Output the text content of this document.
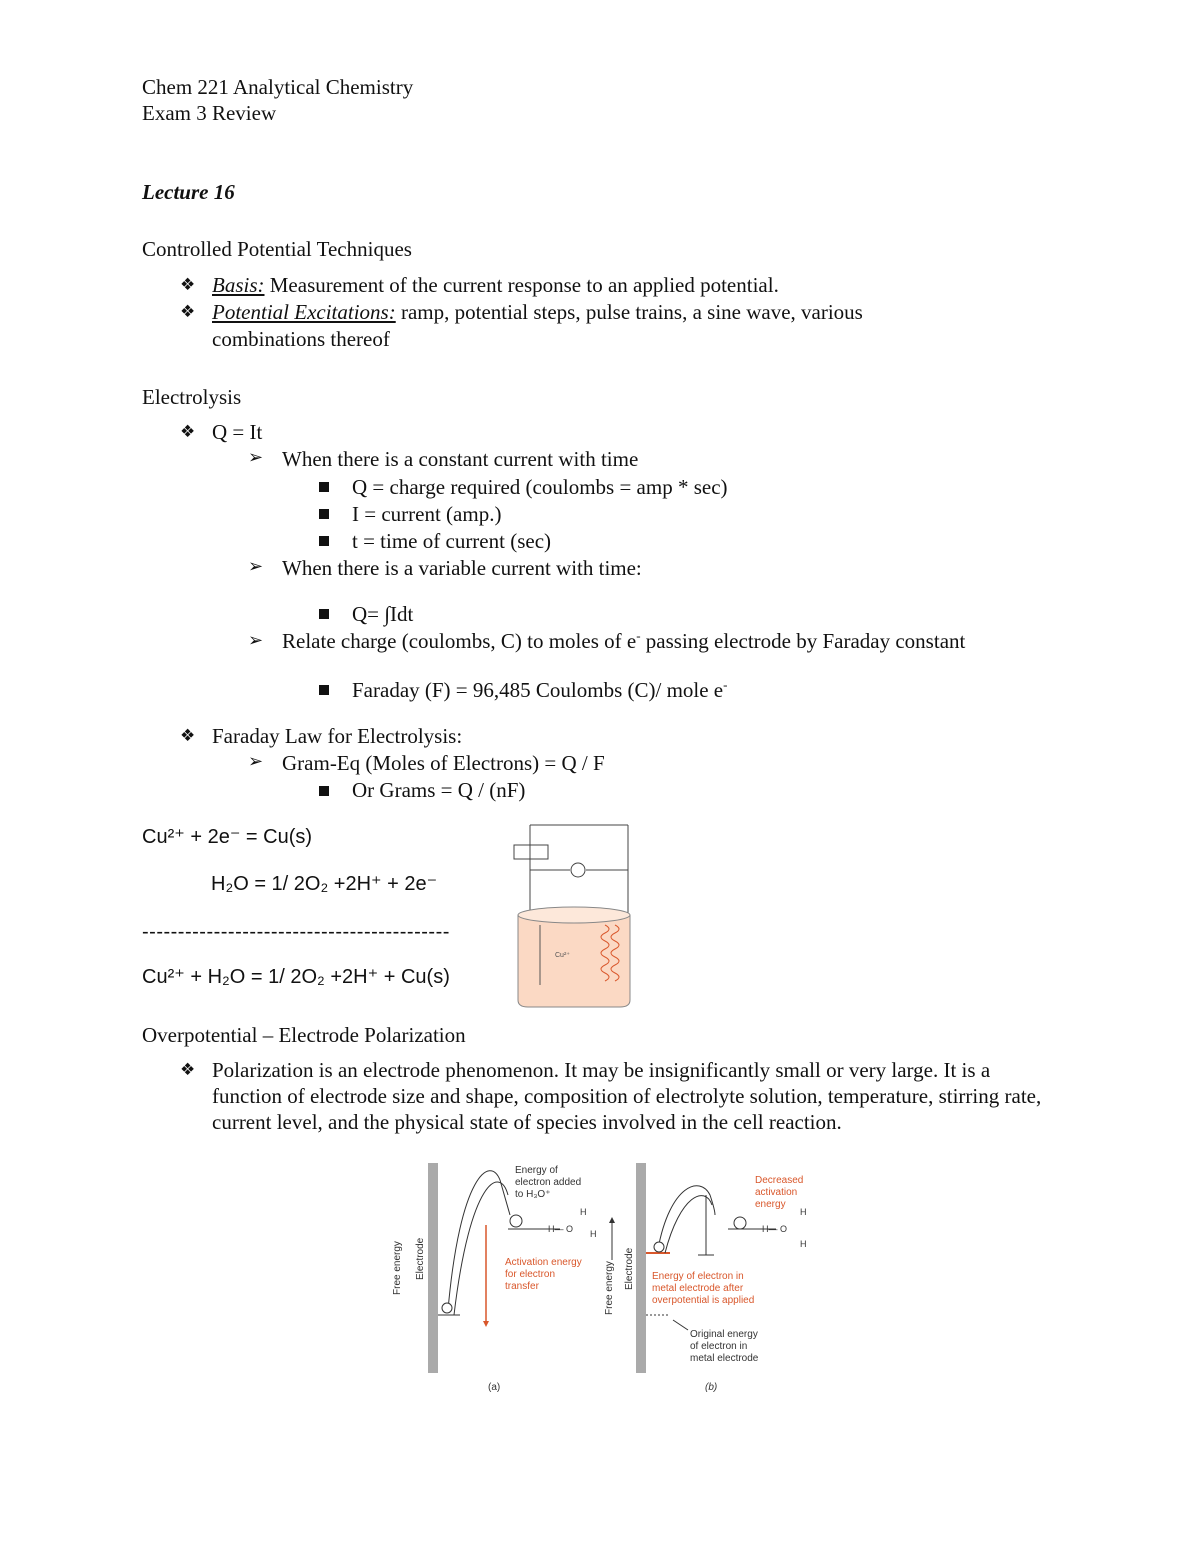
Chem 221 Analytical Chemistry
Exam 3 Review
Lecture 16
Controlled Potential Techniques
❖ Basis: Measurement of the current response to an applied potential.
❖ Potential Excitations: ramp, potential steps, pulse trains, a sine wave, various
combinations thereof
Electrolysis
❖ Q = It
➢ When there is a constant current with time
Q = charge required (coulombs = amp * sec)
I = current (amp.)
t = time of current (sec)
➢ When there is a variable current with time:
Q= ∫Idt
➢ Relate charge (coulombs, C) to moles of e- passing electrode by Faraday constant
Faraday (F) = 96,485 Coulombs (C)/ mole e-
❖ Faraday Law for Electrolysis:
➢ Gram-Eq (Moles of Electrons) = Q / F
Or Grams = Q / (nF)
Cu²⁺ + 2e⁻ = Cu(s)
H₂O = 1/ 2O₂ +2H⁺ + 2e⁻
-------------------------------------------
Cu²⁺ + H₂O = 1/ 2O₂ +2H⁺ + Cu(s)
Cu²⁺
Overpotential – Electrode Polarization
❖ Polarization is an electrode phenomenon. It may be insignificantly small or very large. It is a function of electrode size and shape, composition of electrolyte solution, temperature, stirring rate, current level, and the physical state of species involved in the cell reaction.
H
H
H— O
Energy of electron added to H₃O⁺
Activation energy for electron transfer
Free energy Electrode
(a)
H
H
H— O
Decreased activation energy
Energy of electron in metal electrode after overpotential is applied
Original energy of electron in metal electrode
Free energy Electrode
(b)
